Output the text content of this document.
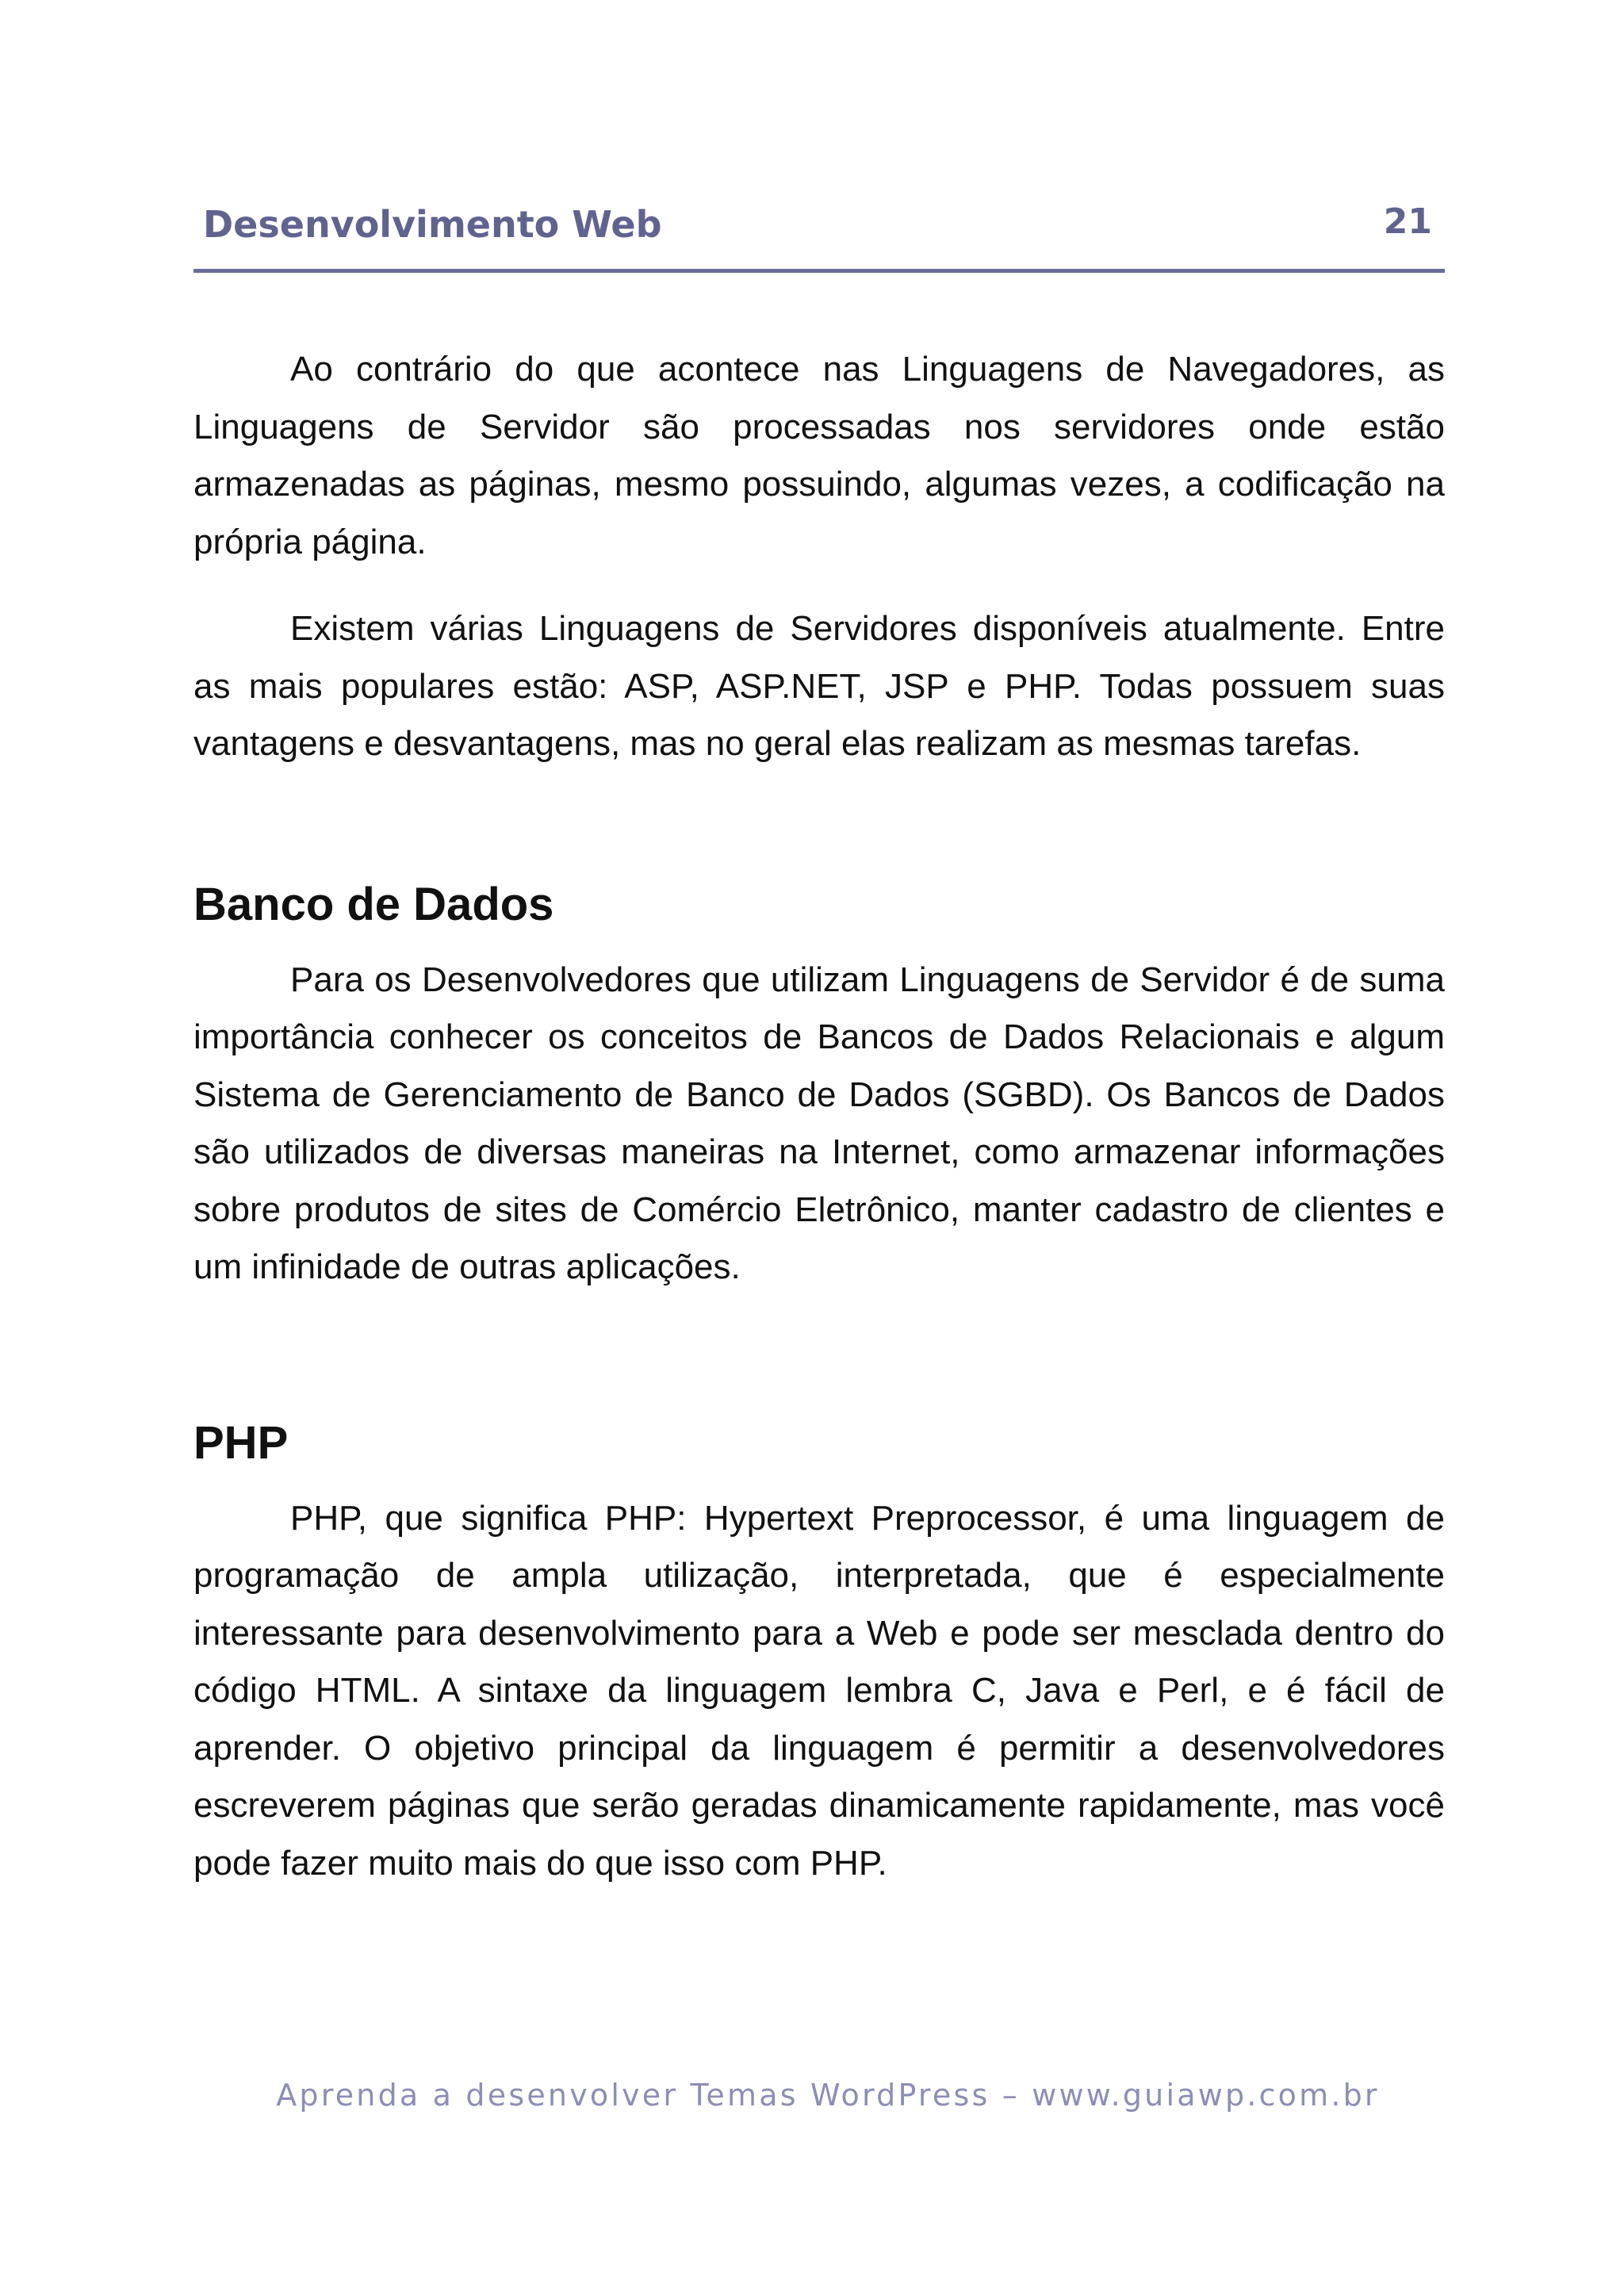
Desenvolvimento Web	21

Ao contrário do que acontece nas Linguagens de Navegadores, as Linguagens de Servidor são processadas nos servidores onde estão armazenadas as páginas, mesmo possuindo, algumas vezes, a codificação na própria página.

Existem várias Linguagens de Servidores disponíveis atualmente. Entre as mais populares estão: ASP, ASP.NET, JSP e PHP. Todas possuem suas vantagens e desvantagens, mas no geral elas realizam as mesmas tarefas.

Banco de Dados

Para os Desenvolvedores que utilizam Linguagens de Servidor é de suma importância conhecer os conceitos de Bancos de Dados Relacionais e algum Sistema de Gerenciamento de Banco de Dados (SGBD). Os Bancos de Dados são utilizados de diversas maneiras na Internet, como armazenar informações sobre produtos de sites de Comércio Eletrônico, manter cadastro de clientes e um infinidade de outras aplicações.

PHP

PHP, que significa PHP: Hypertext Preprocessor, é uma linguagem de programação de ampla utilização, interpretada, que é especialmente interessante para desenvolvimento para a Web e pode ser mesclada dentro do código HTML. A sintaxe da linguagem lembra C, Java e Perl, e é fácil de aprender. O objetivo principal da linguagem é permitir a desenvolvedores escreverem páginas que serão geradas dinamicamente rapidamente, mas você pode fazer muito mais do que isso com PHP.

Aprenda a desenvolver Temas WordPress – www.guiawp.com.br
